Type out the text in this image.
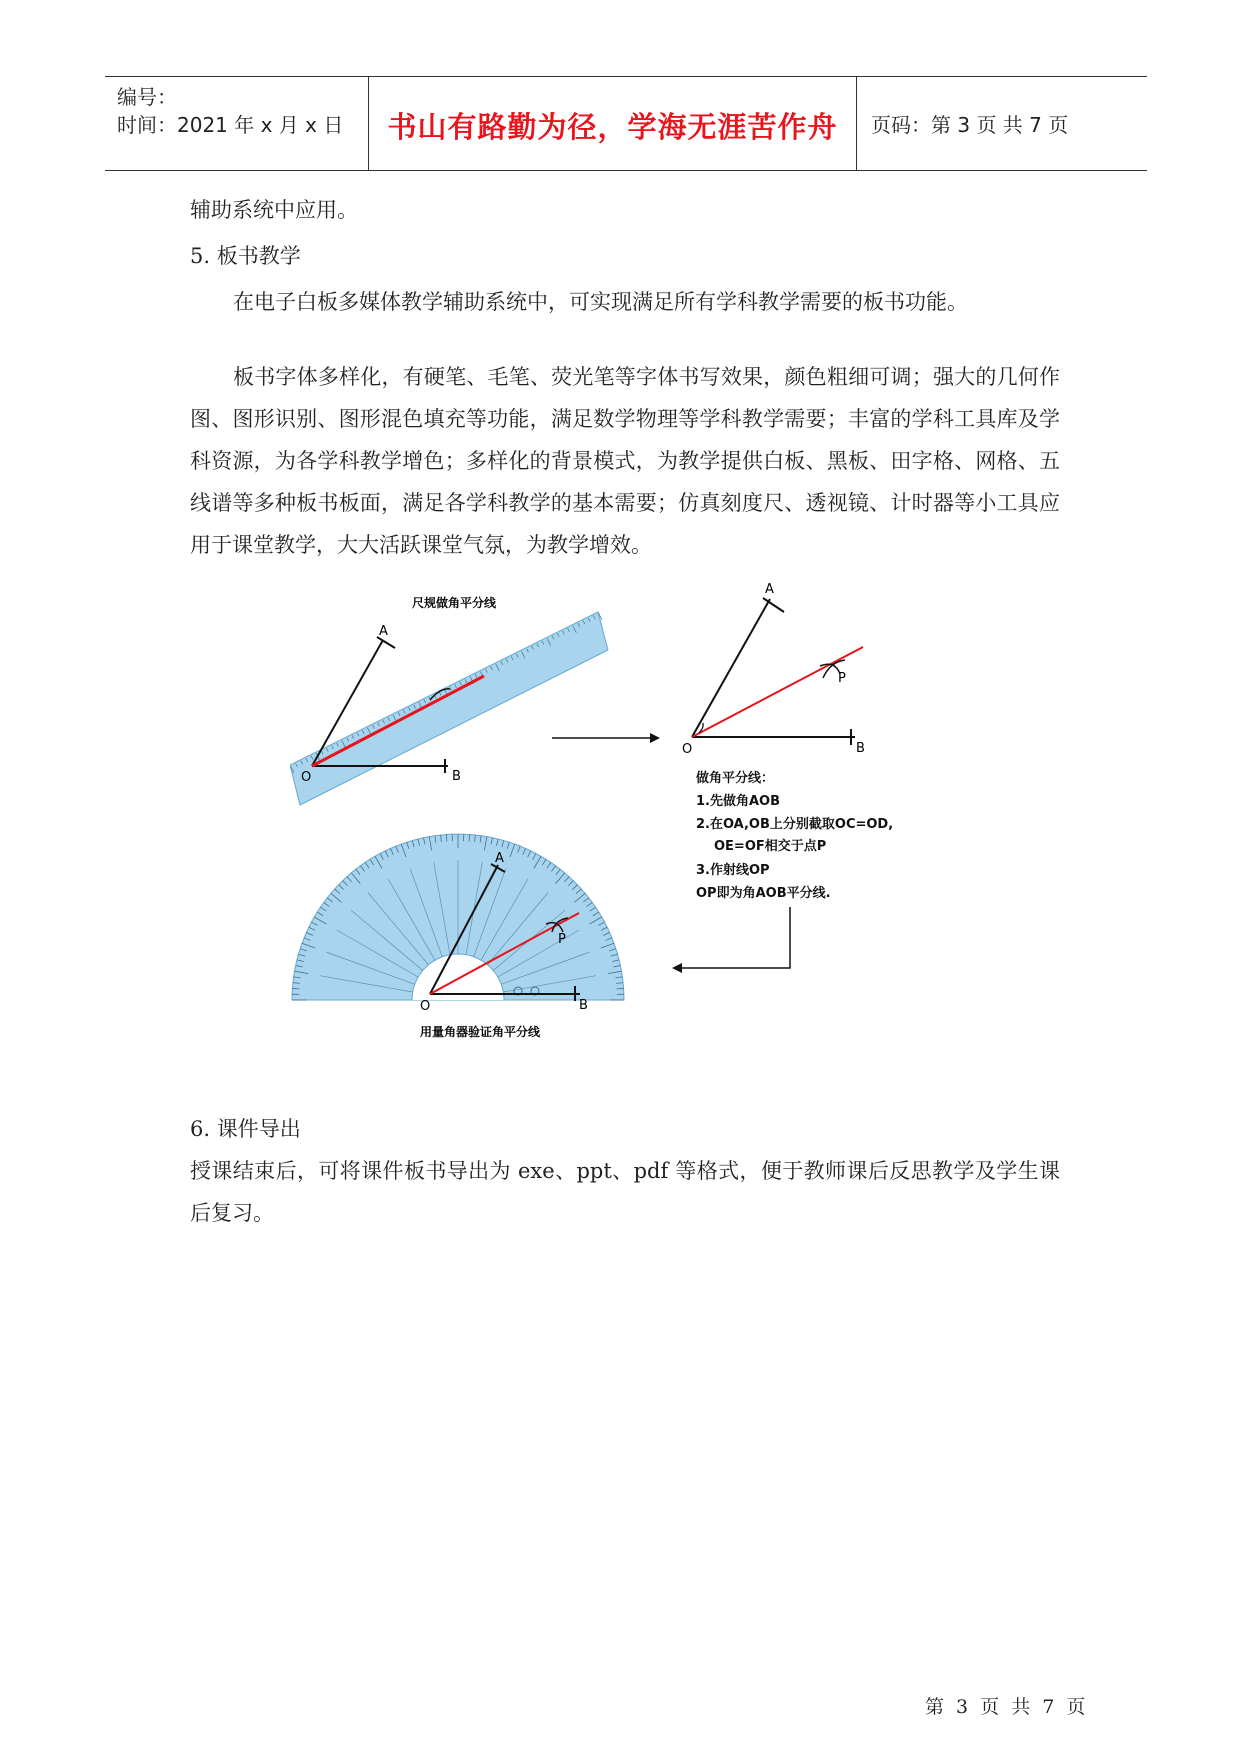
编号：
时间：2021 年 x 月 x 日	书山有路勤为径，学海无涯苦作舟	页码：第 3 页 共 7 页
辅助系统中应用。
5. 板书教学
在电子白板多媒体教学辅助系统中，可实现满足所有学科教学需要的板书功能。
板书字体多样化，有硬笔、毛笔、荧光笔等字体书写效果，颜色粗细可调；强大的几何作图、图形识别、图形混色填充等功能，满足数学物理等学科教学需要；丰富的学科工具库及学科资源，为各学科教学增色；多样化的背景模式，为教学提供白板、黑板、田字格、网格、五线谱等多种板书板面，满足各学科教学的基本需要；仿真刻度尺、透视镜、计时器等小工具应用于课堂教学，大大活跃课堂气氛，为教学增效。
尺规做角平分线
A
O	B
A
O	B
P
做角平分线：
1.先做角AOB
2.在OA,OB上分别截取OC=OD,
OE=OF相交于点P
3.作射线OP
OP即为角AOB平分线.
A
O	B
P
用量角器验证角平分线
6. 课件导出
授课结束后，可将课件板书导出为 exe、ppt、pdf 等格式，便于教师课后反思教学及学生课后复习。
第 3 页 共 7 页
